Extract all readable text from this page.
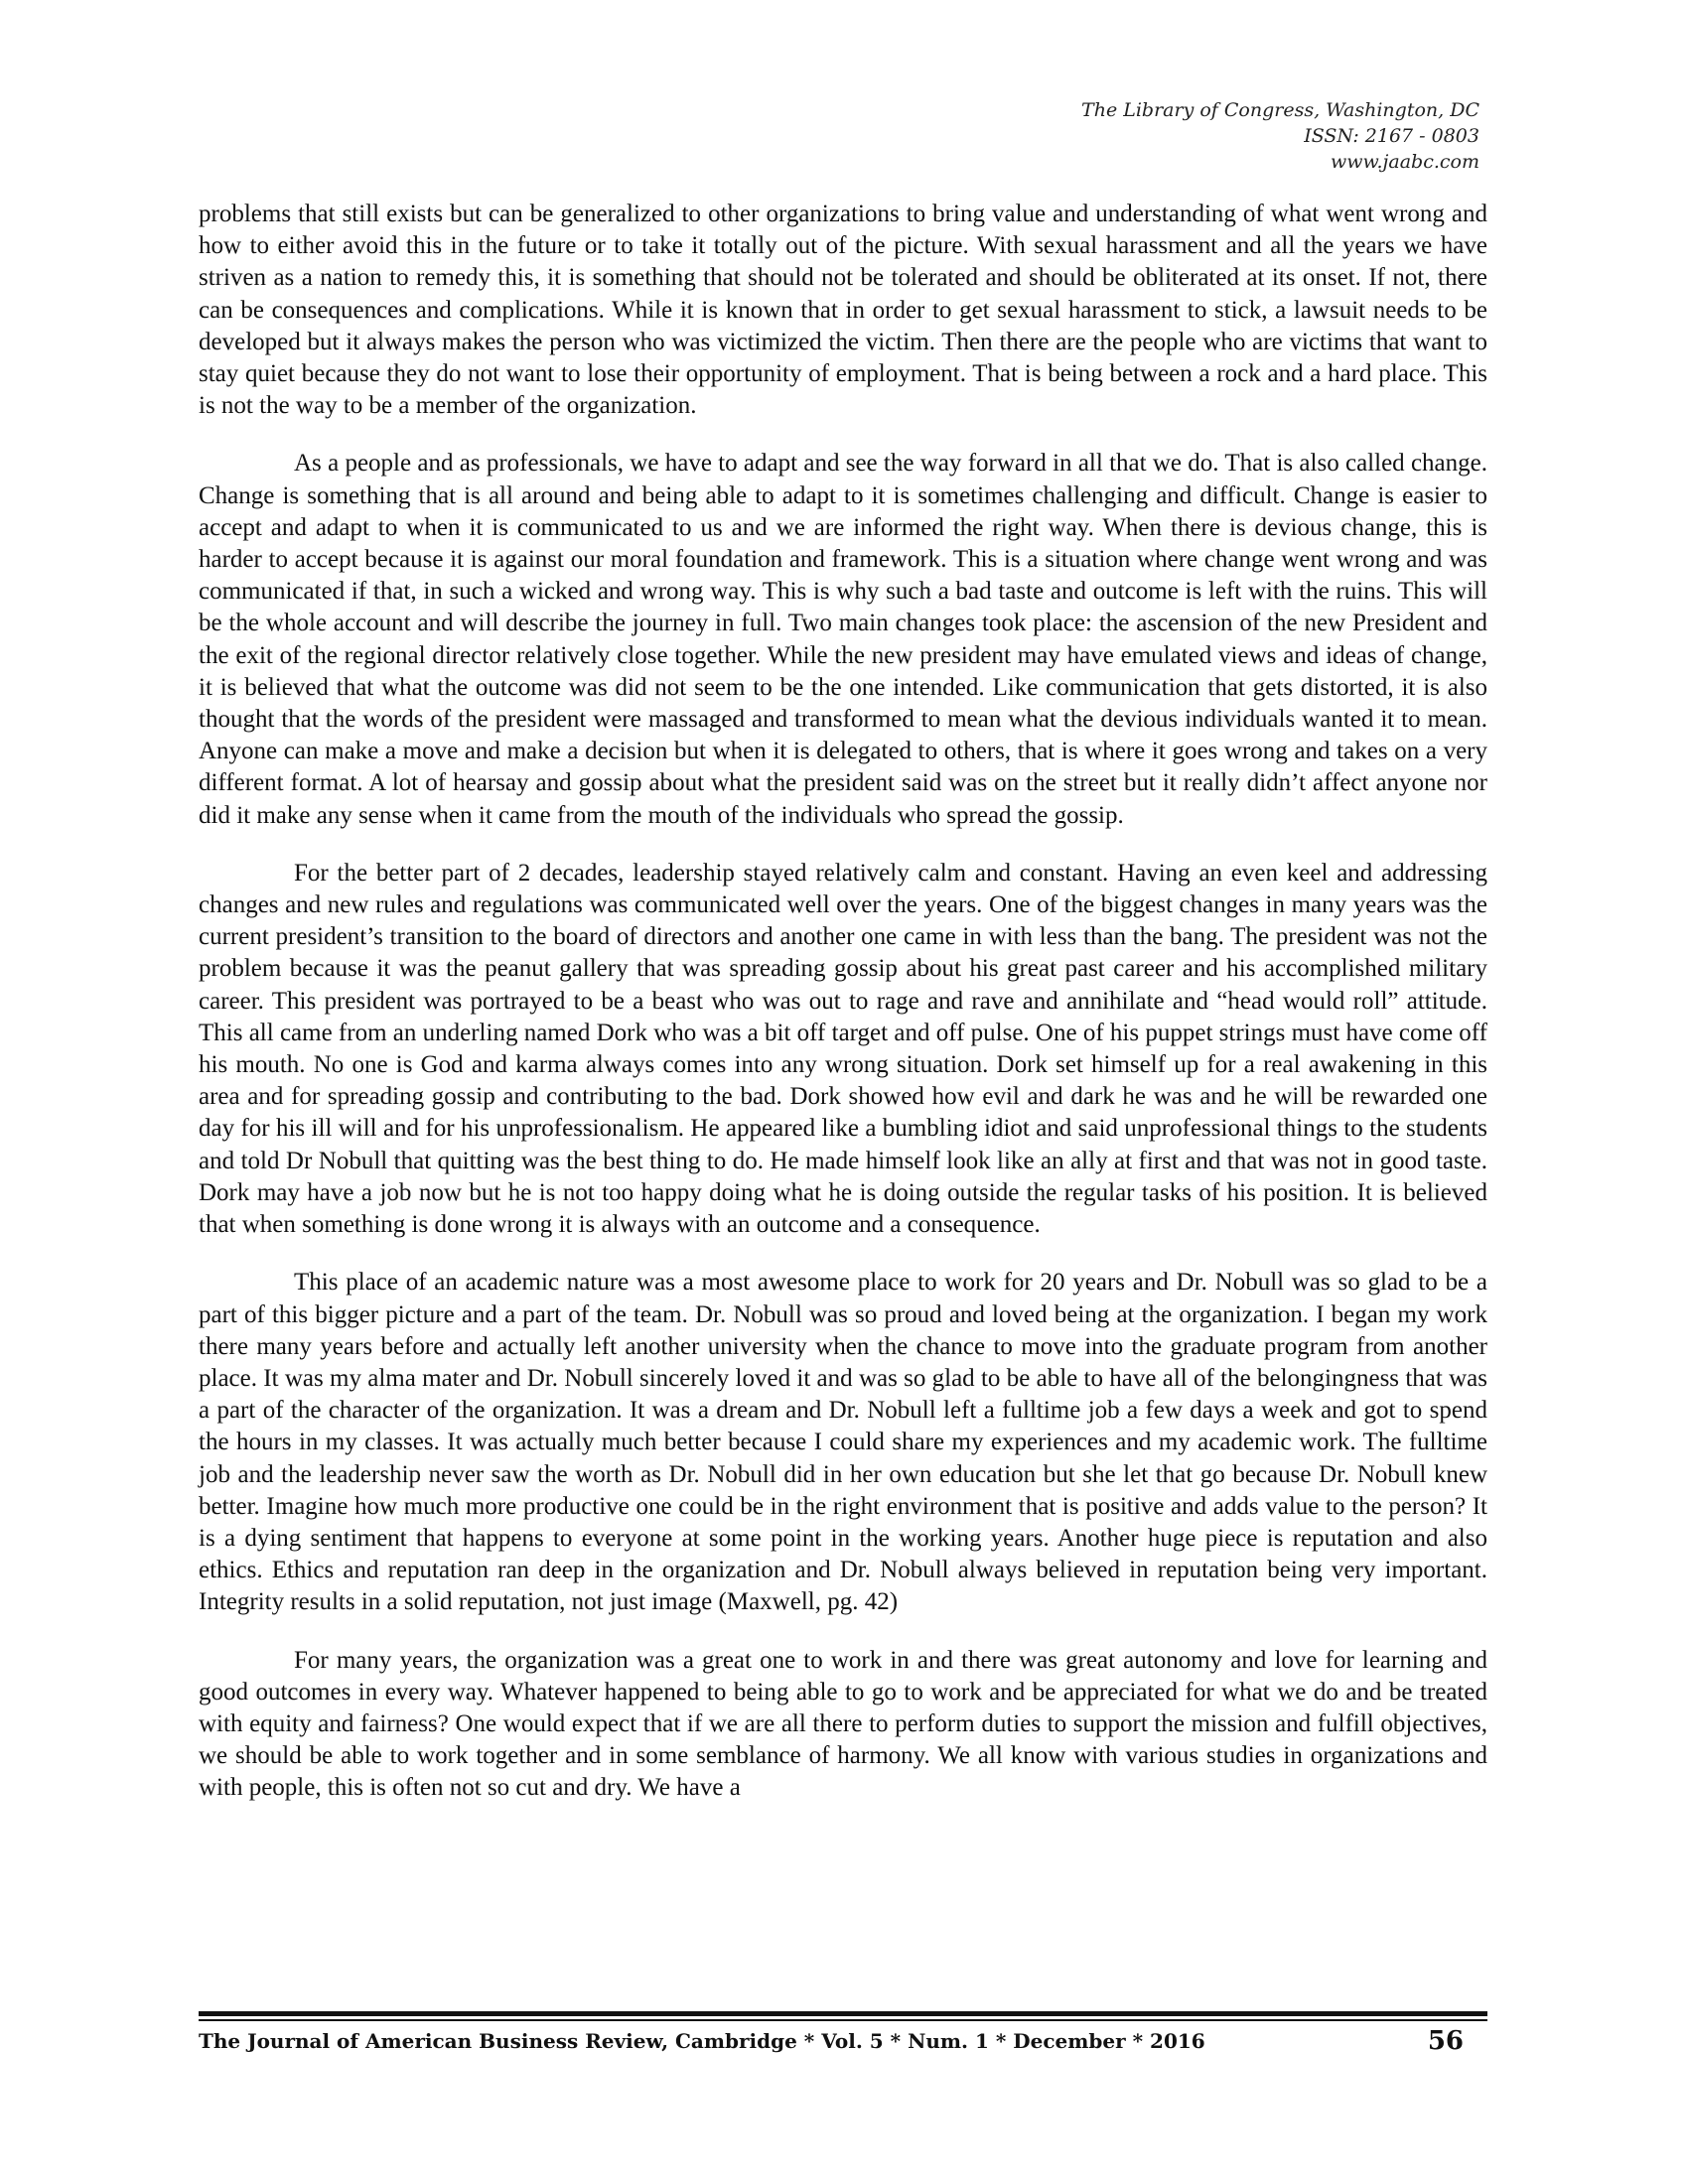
The Library of Congress, Washington, DC
ISSN: 2167 - 0803
www.jaabc.com

problems that still exists but can be generalized to other organizations to bring value and understanding of what went wrong and how to either avoid this in the future or to take it totally out of the picture. With sexual harassment and all the years we have striven as a nation to remedy this, it is something that should not be tolerated and should be obliterated at its onset. If not, there can be consequences and complications. While it is known that in order to get sexual harassment to stick, a lawsuit needs to be developed but it always makes the person who was victimized the victim. Then there are the people who are victims that want to stay quiet because they do not want to lose their opportunity of employment. That is being between a rock and a hard place. This is not the way to be a member of the organization.

As a people and as professionals, we have to adapt and see the way forward in all that we do. That is also called change. Change is something that is all around and being able to adapt to it is sometimes challenging and difficult. Change is easier to accept and adapt to when it is communicated to us and we are informed the right way. When there is devious change, this is harder to accept because it is against our moral foundation and framework. This is a situation where change went wrong and was communicated if that, in such a wicked and wrong way. This is why such a bad taste and outcome is left with the ruins. This will be the whole account and will describe the journey in full. Two main changes took place: the ascension of the new President and the exit of the regional director relatively close together. While the new president may have emulated views and ideas of change, it is believed that what the outcome was did not seem to be the one intended. Like communication that gets distorted, it is also thought that the words of the president were massaged and transformed to mean what the devious individuals wanted it to mean. Anyone can make a move and make a decision but when it is delegated to others, that is where it goes wrong and takes on a very different format. A lot of hearsay and gossip about what the president said was on the street but it really didn’t affect anyone nor did it make any sense when it came from the mouth of the individuals who spread the gossip.

For the better part of 2 decades, leadership stayed relatively calm and constant. Having an even keel and addressing changes and new rules and regulations was communicated well over the years. One of the biggest changes in many years was the current president’s transition to the board of directors and another one came in with less than the bang. The president was not the problem because it was the peanut gallery that was spreading gossip about his great past career and his accomplished military career. This president was portrayed to be a beast who was out to rage and rave and annihilate and “head would roll” attitude. This all came from an underling named Dork who was a bit off target and off pulse. One of his puppet strings must have come off his mouth. No one is God and karma always comes into any wrong situation. Dork set himself up for a real awakening in this area and for spreading gossip and contributing to the bad. Dork showed how evil and dark he was and he will be rewarded one day for his ill will and for his unprofessionalism. He appeared like a bumbling idiot and said unprofessional things to the students and told Dr Nobull that quitting was the best thing to do. He made himself look like an ally at first and that was not in good taste. Dork may have a job now but he is not too happy doing what he is doing outside the regular tasks of his position. It is believed that when something is done wrong it is always with an outcome and a consequence.

This place of an academic nature was a most awesome place to work for 20 years and Dr. Nobull was so glad to be a part of this bigger picture and a part of the team. Dr. Nobull was so proud and loved being at the organization. I began my work there many years before and actually left another university when the chance to move into the graduate program from another place. It was my alma mater and Dr. Nobull sincerely loved it and was so glad to be able to have all of the belongingness that was a part of the character of the organization. It was a dream and Dr. Nobull left a fulltime job a few days a week and got to spend the hours in my classes. It was actually much better because I could share my experiences and my academic work. The fulltime job and the leadership never saw the worth as Dr. Nobull did in her own education but she let that go because Dr. Nobull knew better. Imagine how much more productive one could be in the right environment that is positive and adds value to the person? It is a dying sentiment that happens to everyone at some point in the working years. Another huge piece is reputation and also ethics. Ethics and reputation ran deep in the organization and Dr. Nobull always believed in reputation being very important. Integrity results in a solid reputation, not just image (Maxwell, pg. 42)

For many years, the organization was a great one to work in and there was great autonomy and love for learning and good outcomes in every way. Whatever happened to being able to go to work and be appreciated for what we do and be treated with equity and fairness? One would expect that if we are all there to perform duties to support the mission and fulfill objectives, we should be able to work together and in some semblance of harmony. We all know with various studies in organizations and with people, this is often not so cut and dry. We have a

The Journal of American Business Review, Cambridge * Vol. 5 * Num. 1 * December * 2016	56
